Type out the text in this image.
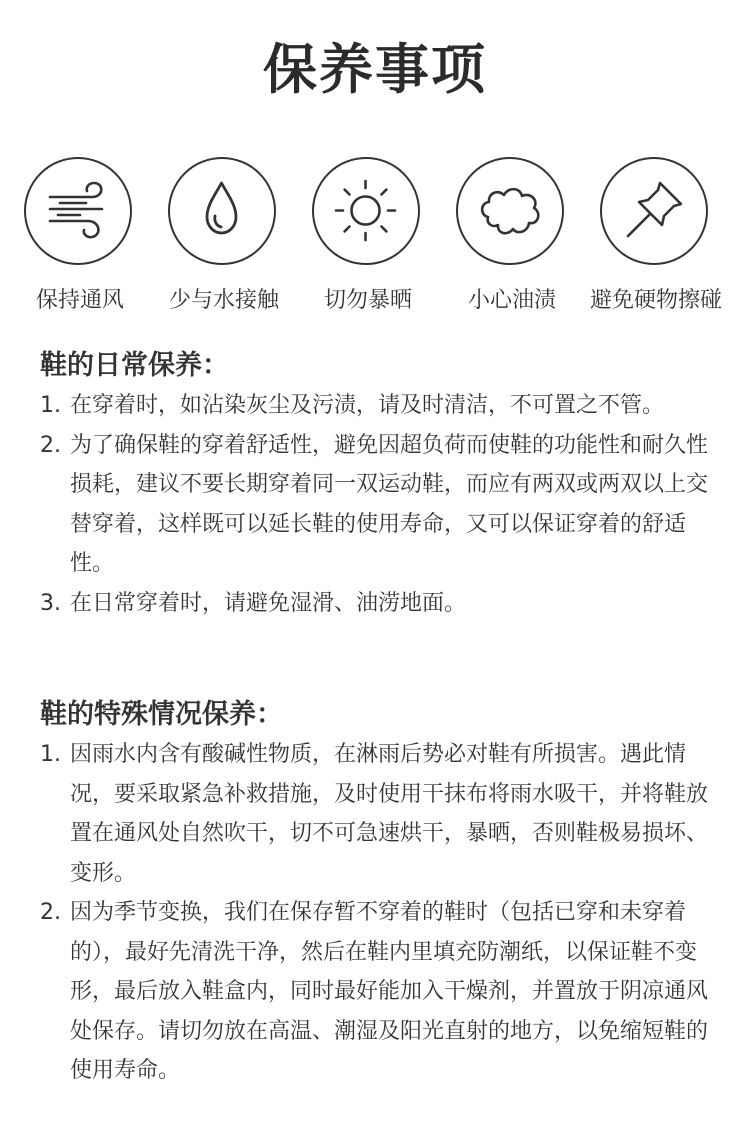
保养事项
保持通风	少与水接触	切勿暴晒	小心油渍	避免硬物擦碰
鞋的日常保养：
1. 在穿着时，如沾染灰尘及污渍，请及时清洁，不可置之不管。
2. 为了确保鞋的穿着舒适性，避免因超负荷而使鞋的功能性和耐久性损耗，建议不要长期穿着同一双运动鞋，而应有两双或两双以上交替穿着，这样既可以延长鞋的使用寿命，又可以保证穿着的舒适性。
3. 在日常穿着时，请避免湿滑、油涝地面。
鞋的特殊情况保养：
1. 因雨水内含有酸碱性物质，在淋雨后势必对鞋有所损害。遇此情况，要采取紧急补救措施，及时使用干抹布将雨水吸干，并将鞋放置在通风处自然吹干，切不可急速烘干，暴晒，否则鞋极易损坏、变形。
2. 因为季节变换，我们在保存暂不穿着的鞋时（包括已穿和未穿着的），最好先清洗干净，然后在鞋内里填充防潮纸，以保证鞋不变形，最后放入鞋盒内，同时最好能加入干燥剂，并置放于阴凉通风处保存。请切勿放在高温、潮湿及阳光直射的地方，以免缩短鞋的使用寿命。
